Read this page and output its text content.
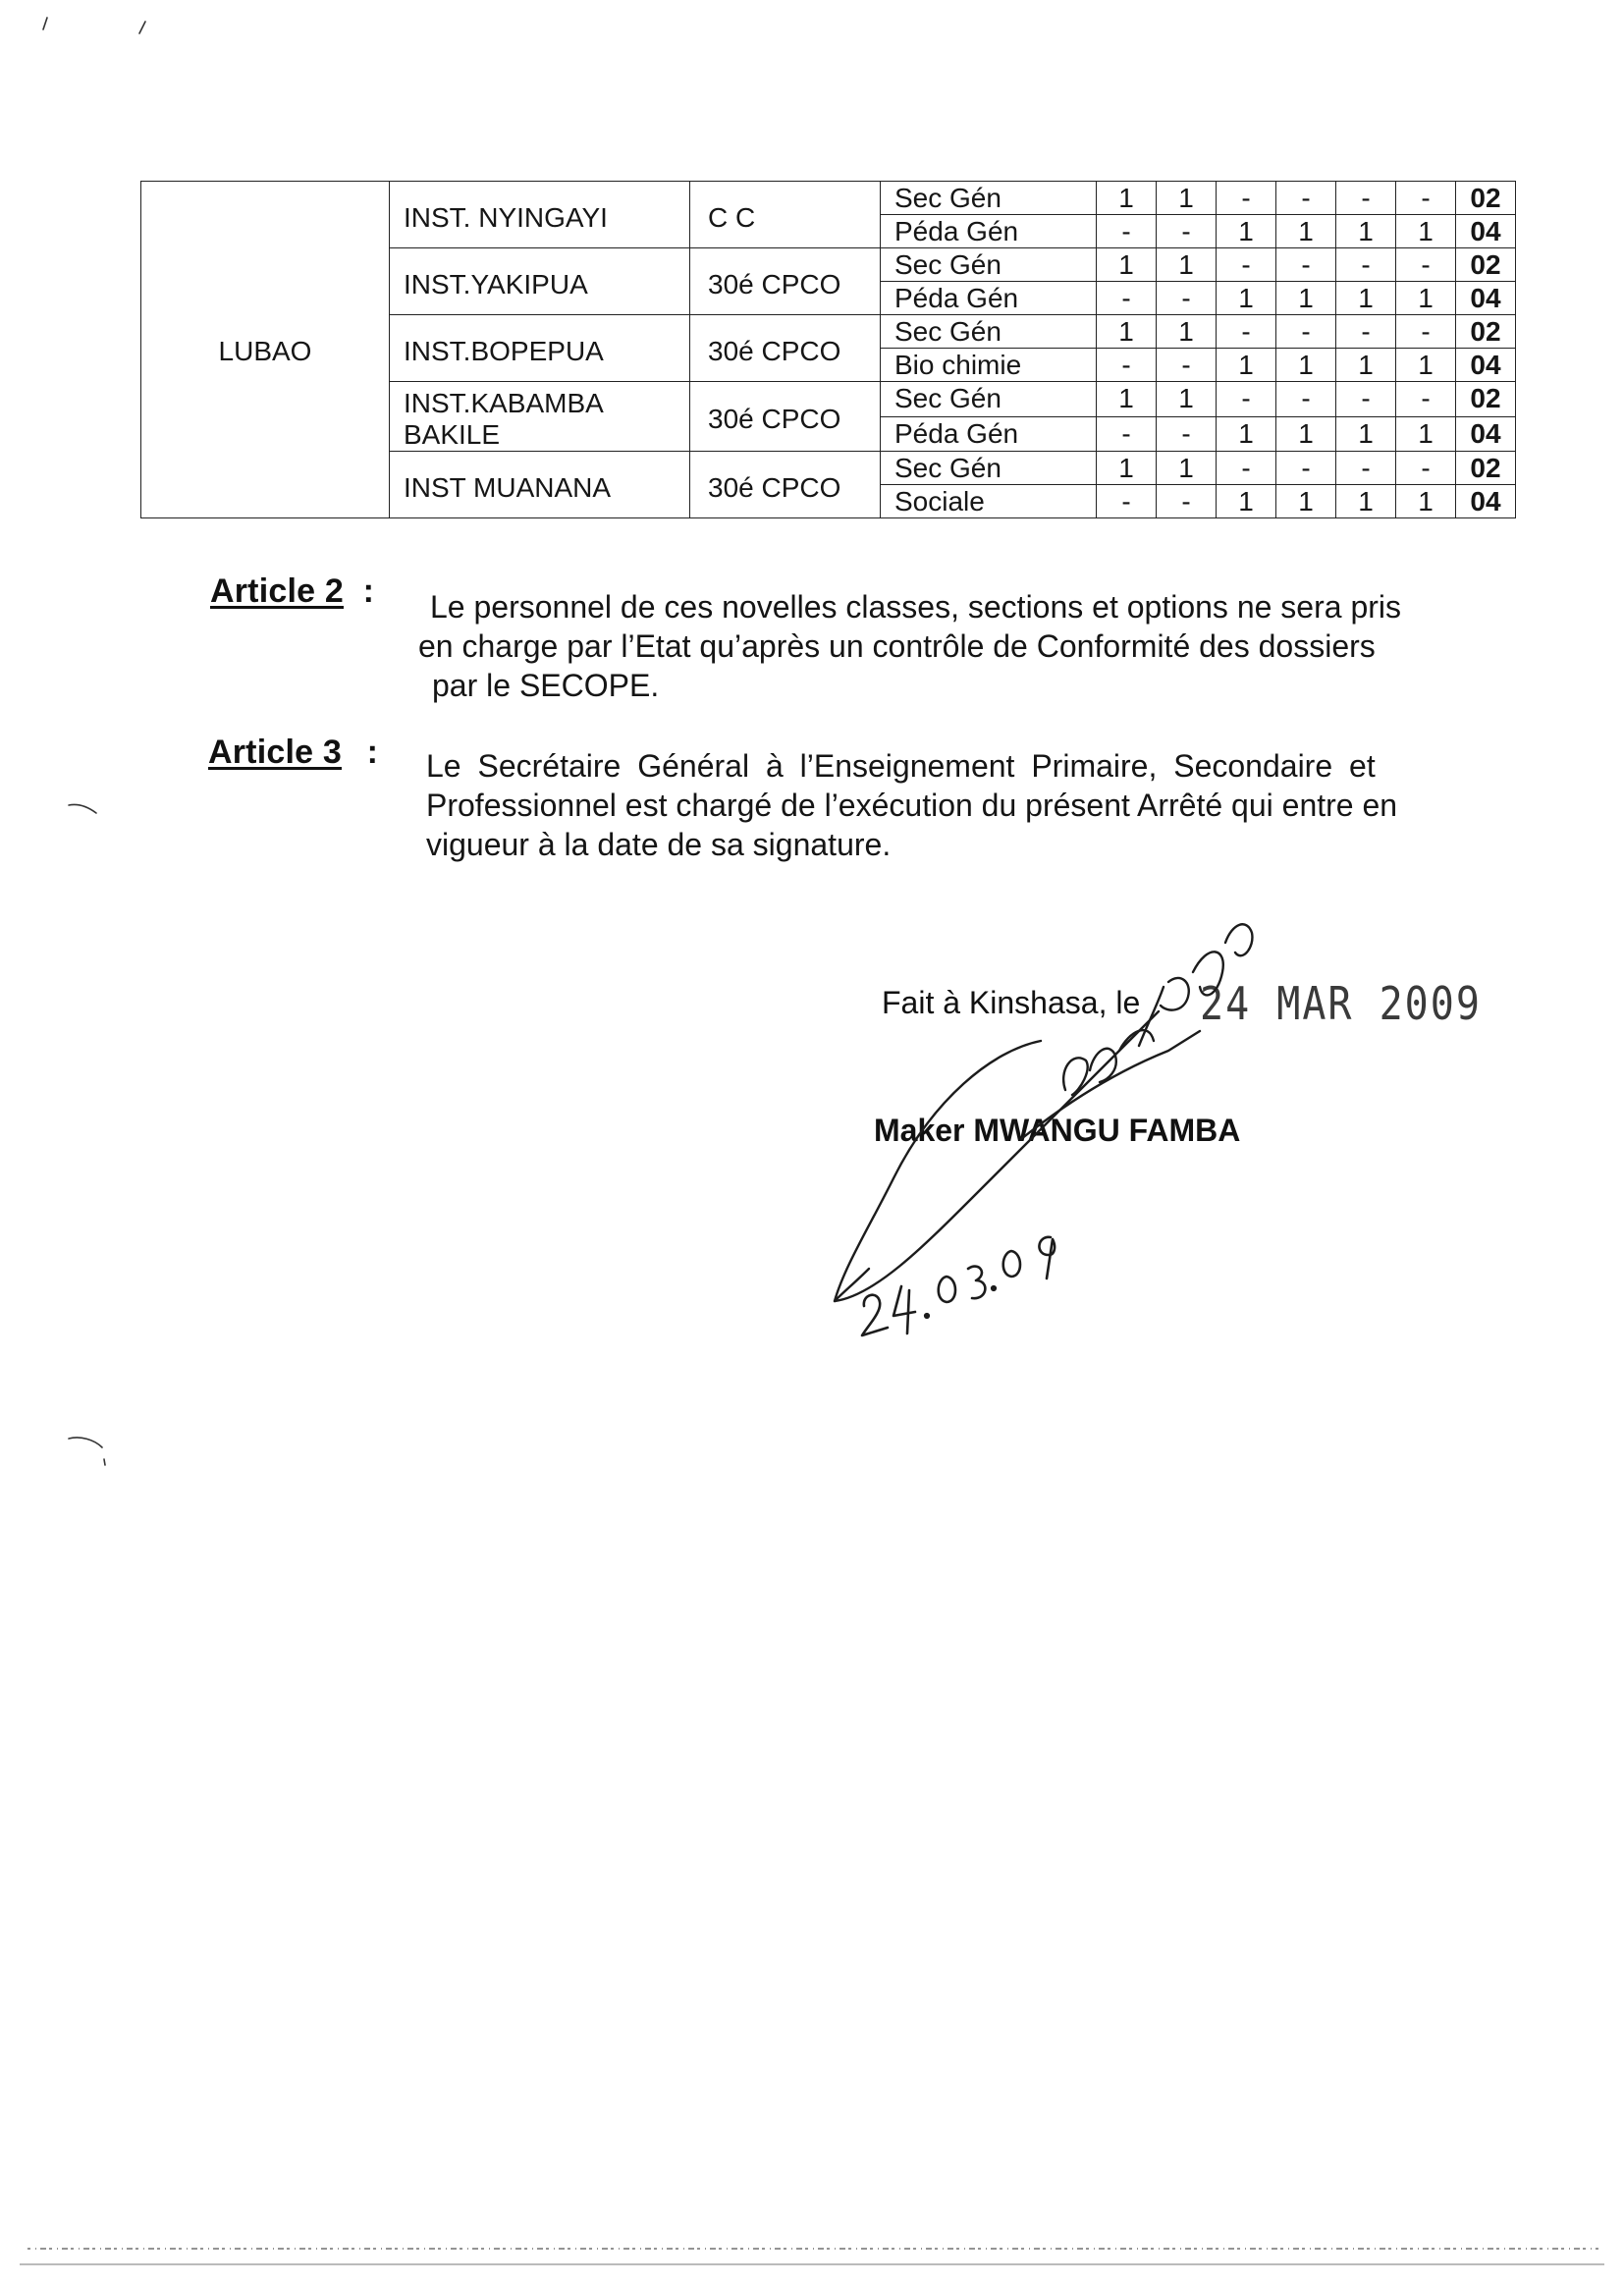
LUBAO	INST. NYINGAYI	C C	Sec Gén	1	1	-	-	-	-	02
			Péda Gén	-	-	1	1	1	1	04
	INST.YAKIPUA	30é CPCO	Sec Gén	1	1	-	-	-	-	02
			Péda Gén	-	-	1	1	1	1	04
	INST.BOPEPUA	30é CPCO	Sec Gén	1	1	-	-	-	-	02
			Bio chimie	-	-	1	1	1	1	04
	INST.KABAMBA BAKILE	30é CPCO	Sec Gén	1	1	-	-	-	-	02
			Péda Gén	-	-	1	1	1	1	04
	INST MUANANA	30é CPCO	Sec Gén	1	1	-	-	-	-	02
			Sociale	-	-	1	1	1	1	04
Article 2 :	Le personnel de ces novelles classes, sections et options ne sera pris
en charge par l’Etat qu’après un contrôle de Conformité des dossiers
par le SECOPE.
Article 3 : Le Secrétaire Général à l’Enseignement Primaire, Secondaire et
Professionnel est chargé de l’exécution du présent Arrêté qui entre en
vigueur à la date de sa signature.
Fait à Kinshasa, le 24 MAR 2009
Maker MWANGU FAMBA
